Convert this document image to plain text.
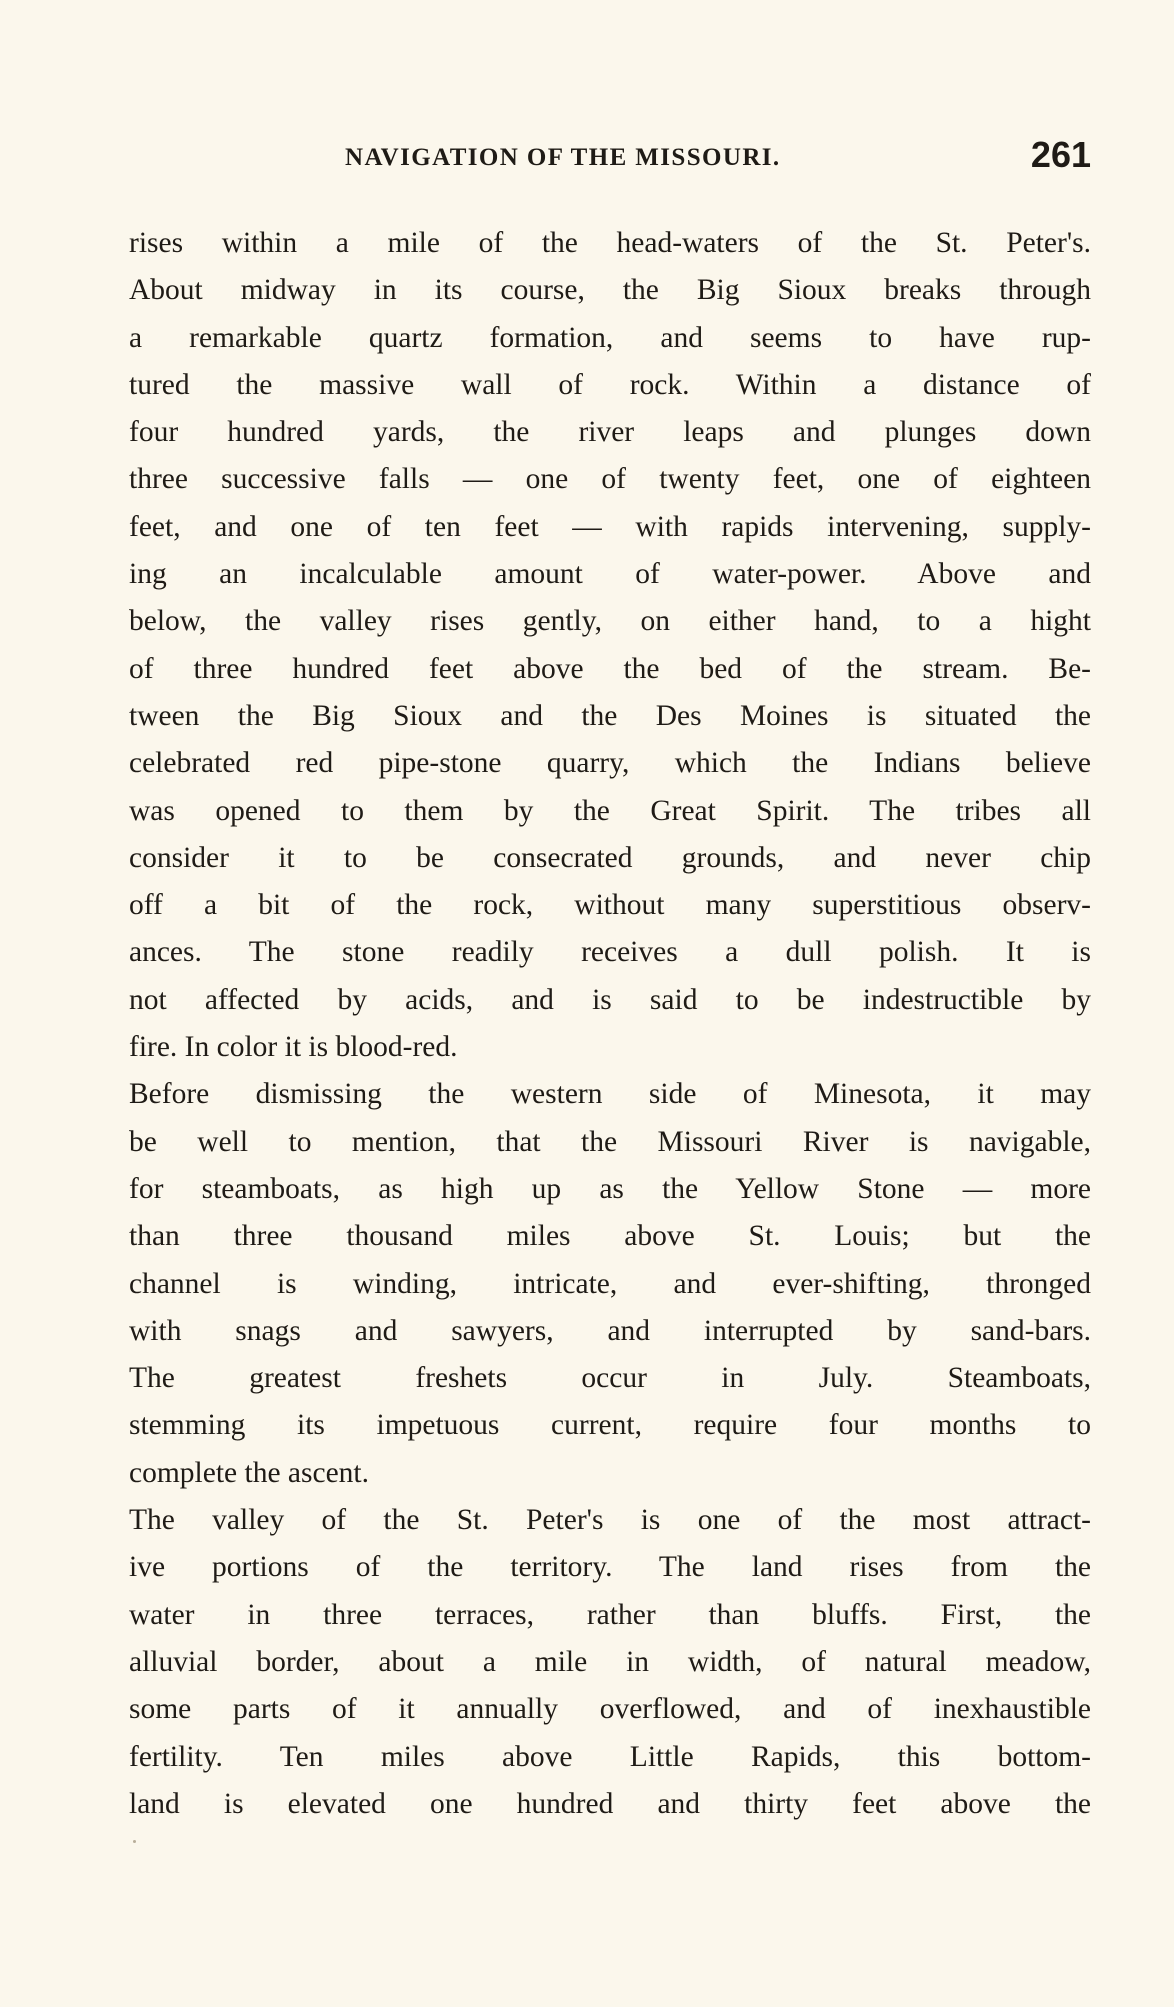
NAVIGATION OF THE MISSOURI.	261
rises within a mile of the head-waters of the St. Peter's.
About midway in its course, the Big Sioux breaks through
a remarkable quartz formation, and seems to have rup-
tured the massive wall of rock. Within a distance of
four hundred yards, the river leaps and plunges down
three successive falls — one of twenty feet, one of eighteen
feet, and one of ten feet — with rapids intervening, supply-
ing an incalculable amount of water-power. Above and
below, the valley rises gently, on either hand, to a hight
of three hundred feet above the bed of the stream. Be-
tween the Big Sioux and the Des Moines is situated the
celebrated red pipe-stone quarry, which the Indians believe
was opened to them by the Great Spirit. The tribes all
consider it to be consecrated grounds, and never chip
off a bit of the rock, without many superstitious observ-
ances. The stone readily receives a dull polish. It is
not affected by acids, and is said to be indestructible by
fire. In color it is blood-red.
Before dismissing the western side of Minesota, it may
be well to mention, that the Missouri River is navigable,
for steamboats, as high up as the Yellow Stone — more
than three thousand miles above St. Louis; but the
channel is winding, intricate, and ever-shifting, thronged
with snags and sawyers, and interrupted by sand-bars.
The greatest freshets occur in July. Steamboats,
stemming its impetuous current, require four months to
complete the ascent.
The valley of the St. Peter's is one of the most attract-
ive portions of the territory. The land rises from the
water in three terraces, rather than bluffs. First, the
alluvial border, about a mile in width, of natural meadow,
some parts of it annually overflowed, and of inexhaustible
fertility. Ten miles above Little Rapids, this bottom-
land is elevated one hundred and thirty feet above the
